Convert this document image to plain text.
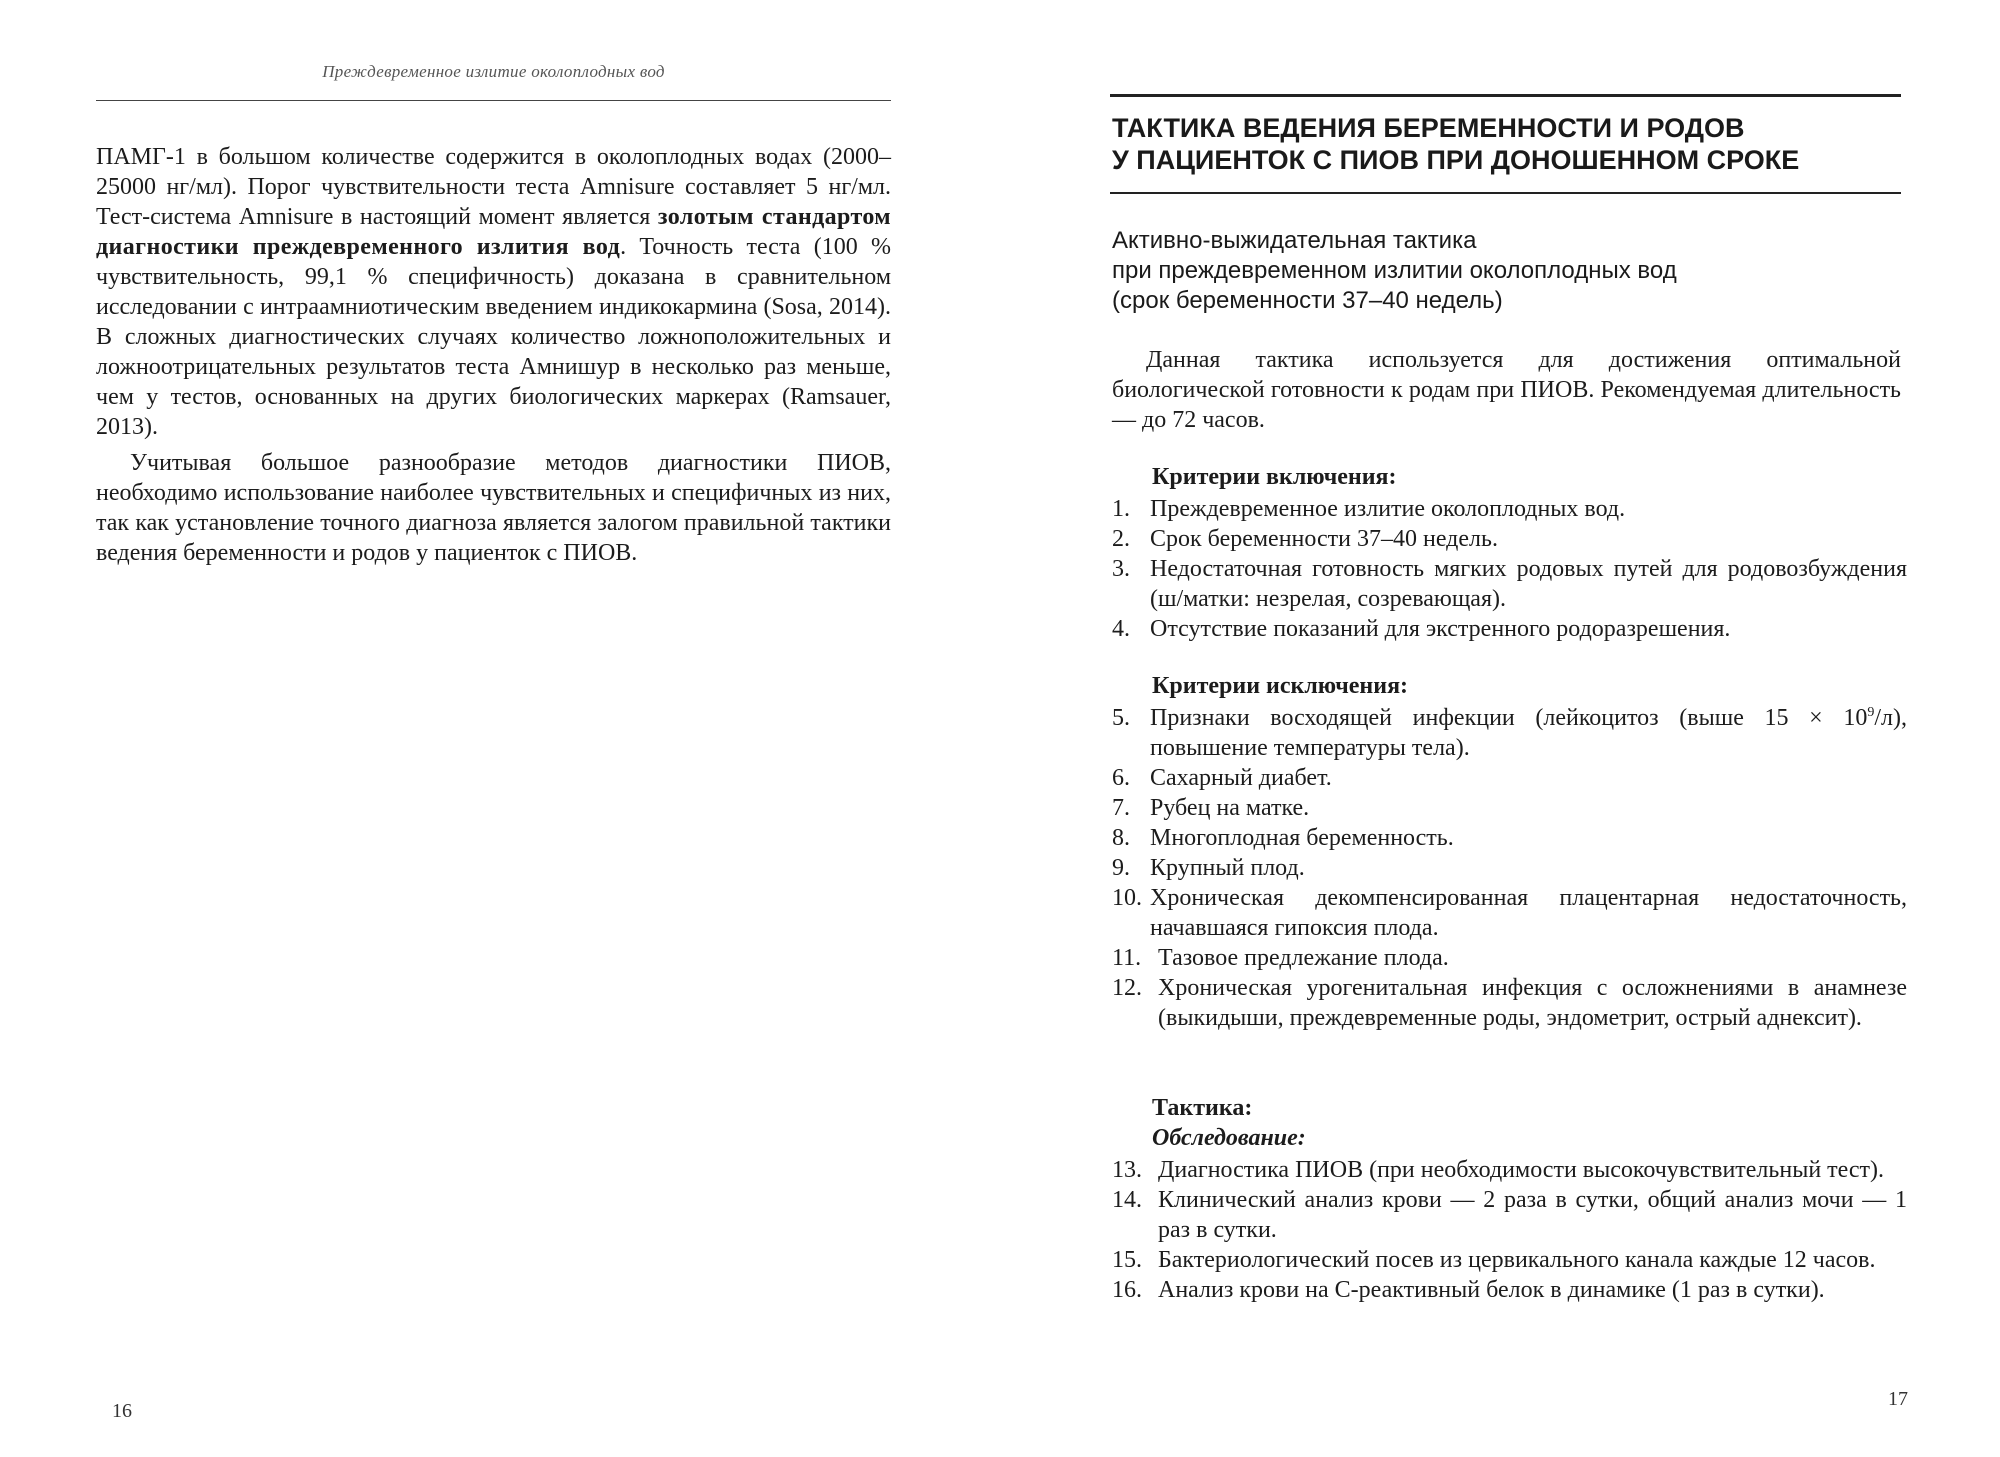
Преждевременное излитие околоплодных вод

ПАМГ-1 в большом количестве содержится в околоплодных водах (2000–25000 нг/мл). Порог чувствительности теста Amnisure составляет 5 нг/мл. Тест-система Amnisure в настоящий момент является золотым стандартом диагностики преждевременного излития вод. Точность теста (100 % чувствительность, 99,1 % специфичность) доказана в сравнительном исследовании с интраамниотическим введением индикокармина (Sosa, 2014). В сложных диагностических случаях количество ложноположительных и ложноотрицательных результатов теста Амнишур в несколько раз меньше, чем у тестов, основанных на других биологических маркерах (Ramsauer, 2013).

Учитывая большое разнообразие методов диагностики ПИОВ, необходимо использование наиболее чувствительных и специфичных из них, так как установление точного диагноза является залогом правильной тактики ведения беременности и родов у пациенток с ПИОВ.

16
ТАКТИКА ВЕДЕНИЯ БЕРЕМЕННОСТИ И РОДОВ
У ПАЦИЕНТОК С ПИОВ ПРИ ДОНОШЕННОМ СРОКЕ
Активно-выжидательная тактика
при преждевременном излитии околоплодных вод
(срок беременности 37–40 недель)
Данная тактика используется для достижения оптимальной биологической готовности к родам при ПИОВ. Рекомендуемая длительность — до 72 часов.
Критерии включения:
1. Преждевременное излитие околоплодных вод.
2. Срок беременности 37–40 недель.
3. Недостаточная готовность мягких родовых путей для родовозбуждения (ш/матки: незрелая, созревающая).
4. Отсутствие показаний для экстренного родоразрешения.
Критерии исключения:
5. Признаки восходящей инфекции (лейкоцитоз (выше $15 \times 10^9/л$), повышение температуры тела).
6. Сахарный диабет.
7. Рубец на матке.
8. Многоплодная беременность.
9. Крупный плод.
10. Хроническая декомпенсированная плацентарная недостаточность, начавшаяся гипоксия плода.
11. Тазовое предлежание плода.
12. Хроническая урогенитальная инфекция с осложнениями в анамнезе (выкидыши, преждевременные роды, эндометрит, острый аднексит).
Тактика:
Обследование:
13. Диагностика ПИОВ (при необходимости высокочувствительный тест).
14. Клинический анализ крови — 2 раза в сутки, общий анализ мочи — 1 раз в сутки.
15. Бактериологический посев из цервикального канала каждые 12 часов.
16. Анализ крови на С-реактивный белок в динамике (1 раз в сутки).
17
